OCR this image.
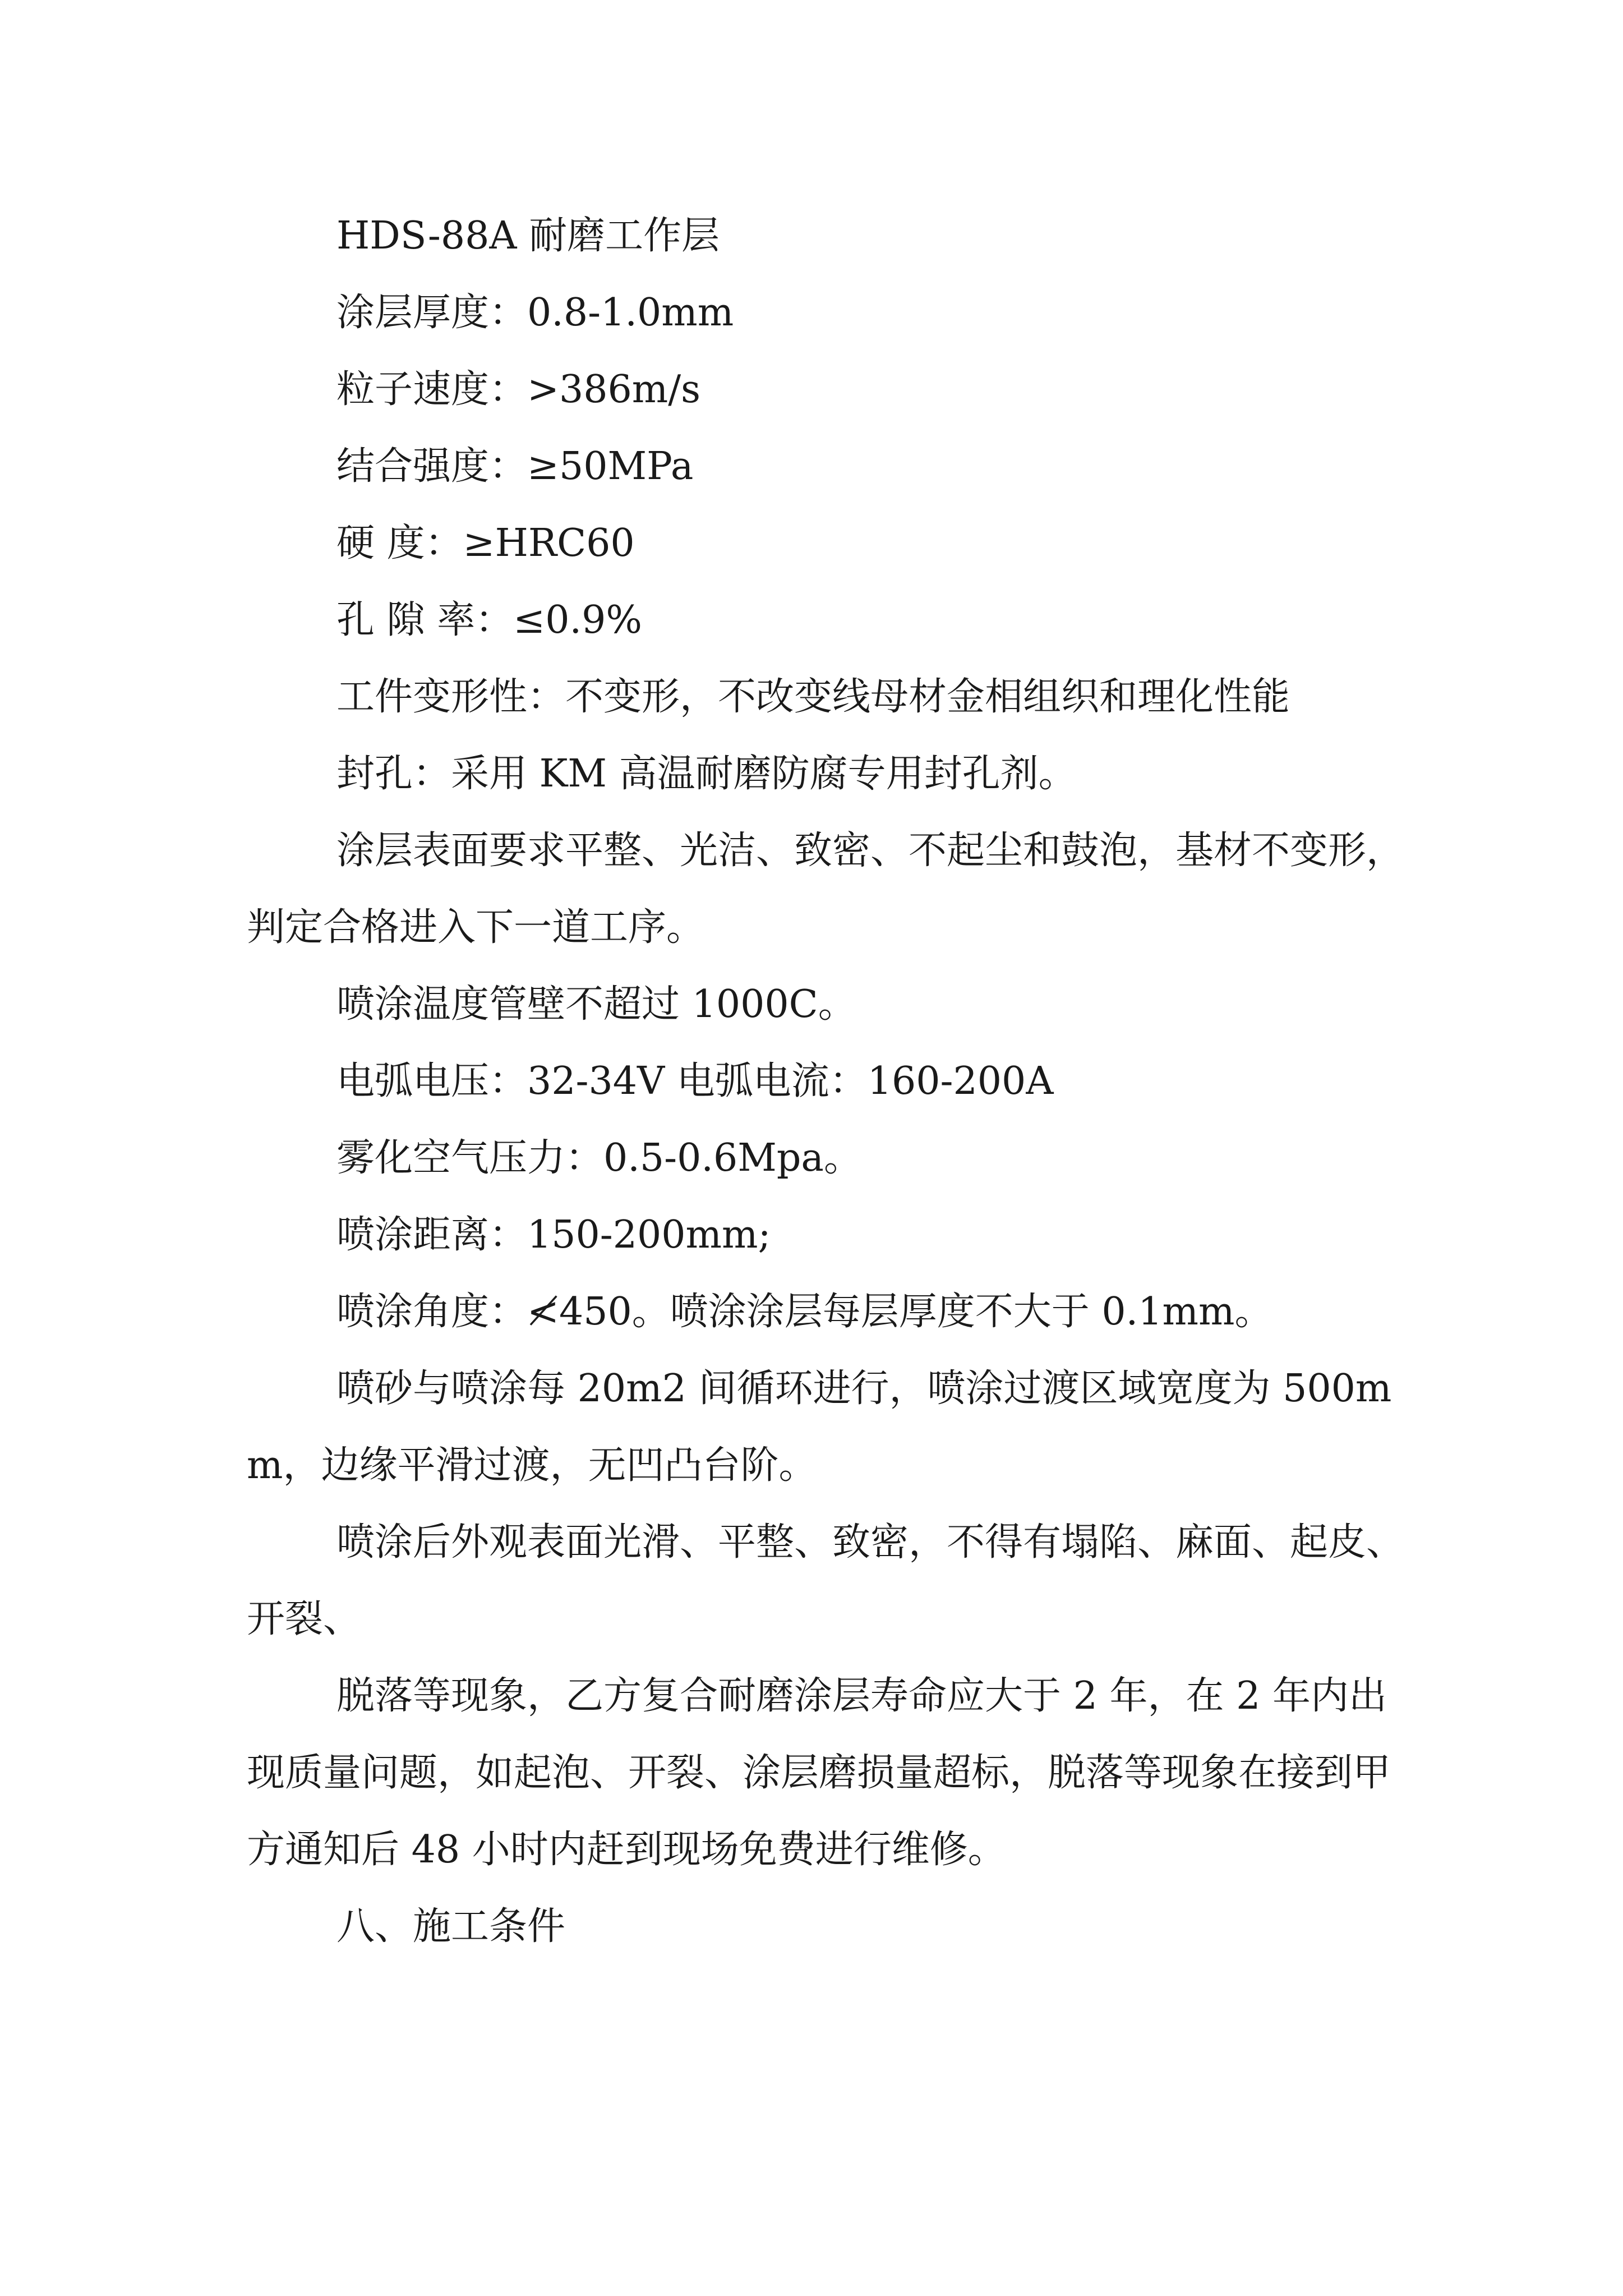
HDS-88A 耐磨工作层

涂层厚度：0.8-1.0mm

粒子速度：>386m/s

结合强度：≥50MPa

硬 度：≥HRC60

孔 隙 率：≤0.9%

工件变形性：不变形，不改变线母材金相组织和理化性能

封孔：采用 KM 高温耐磨防腐专用封孔剂。

涂层表面要求平整、光洁、致密、不起尘和鼓泡，基材不变形，判定合格进入下一道工序。

喷涂温度管壁不超过 1000C。

电弧电压：32-34V 电弧电流：160-200A

雾化空气压力：0.5-0.6Mpa。

喷涂距离：150-200mm;

喷涂角度：≮450。喷涂涂层每层厚度不大于 0.1mm。

喷砂与喷涂每 20m2 间循环进行，喷涂过渡区域宽度为 500mm，边缘平滑过渡，无凹凸台阶。

喷涂后外观表面光滑、平整、致密，不得有塌陷、麻面、起皮、开裂、

脱落等现象，乙方复合耐磨涂层寿命应大于 2 年，在 2 年内出现质量问题，如起泡、开裂、涂层磨损量超标，脱落等现象在接到甲方通知后 48 小时内赶到现场免费进行维修。

八、施工条件
